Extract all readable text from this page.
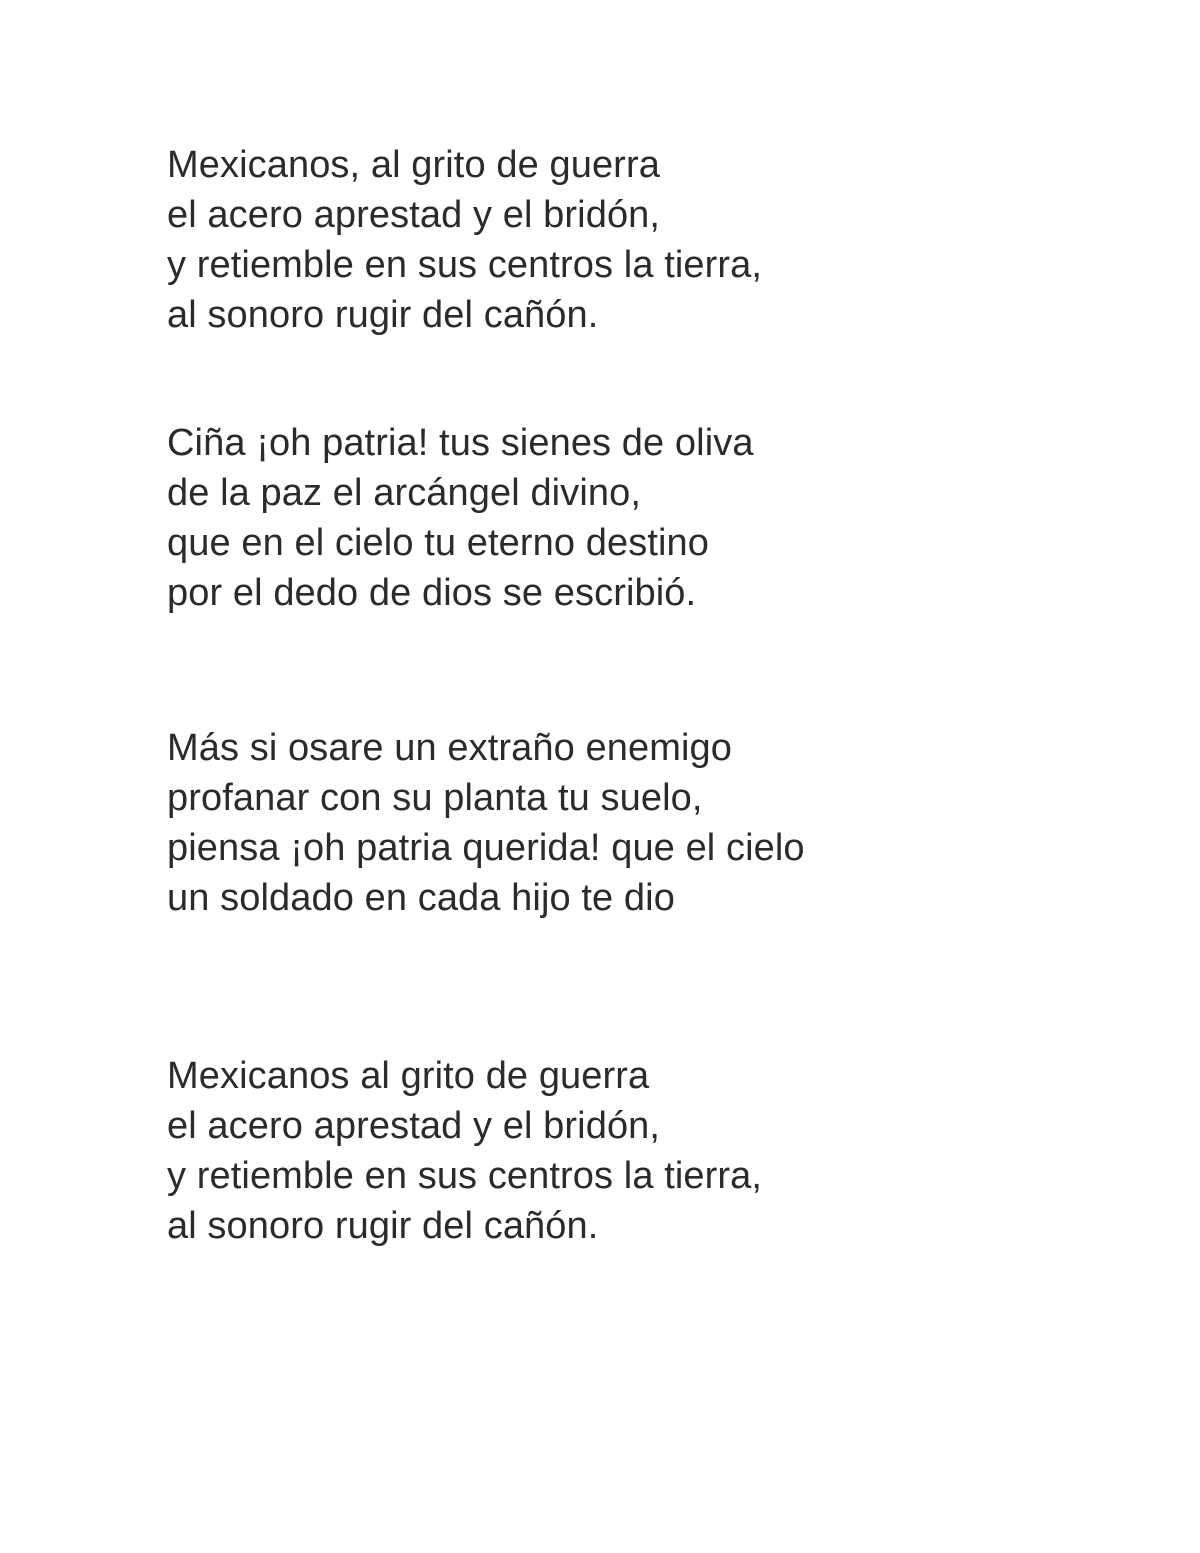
Mexicanos, al grito de guerra
el acero aprestad y el bridón,
y retiemble en sus centros la tierra,
al sonoro rugir del cañón.

Ciña ¡oh patria! tus sienes de oliva
de la paz el arcángel divino,
que en el cielo tu eterno destino
por el dedo de dios se escribió.

Más si osare un extraño enemigo
profanar con su planta tu suelo,
piensa ¡oh patria querida! que el cielo
un soldado en cada hijo te dio

Mexicanos al grito de guerra
el acero aprestad y el bridón,
y retiemble en sus centros la tierra,
al sonoro rugir del cañón.
